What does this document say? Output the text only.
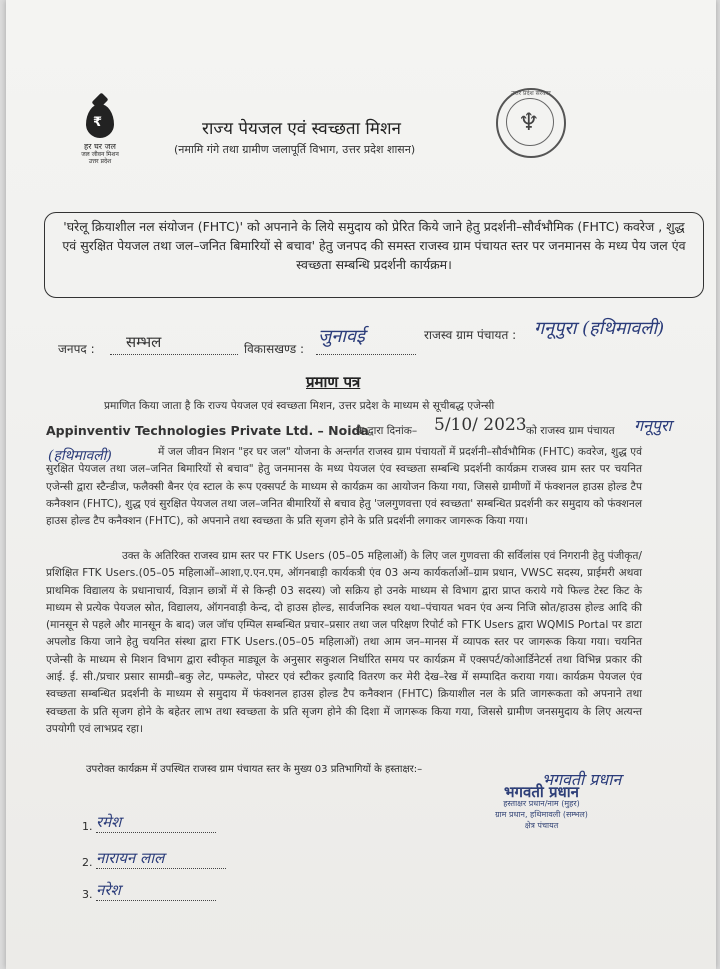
₹
हर घर जल
जल जीवन मिशन
उत्तर प्रदेश
राज्य पेयजल एवं स्वच्छता मिशन
(नमामि गंगे तथा ग्रामीण जलापूर्ति विभाग, उत्तर प्रदेश शासन)
उत्तर प्रदेश सरकार
♆
'घरेलू क्रियाशील नल संयोजन (FHTC)' को अपनाने के लिये समुदाय को प्रेरित किये जाने हेतु प्रदर्शनी–सौर्वभौमिक (FHTC) कवरेज , शुद्ध एवं सुरक्षित पेयजल तथा जल–जनित बिमारियों से बचाव' हेतु जनपद की समस्त राजस्व ग्राम पंचायत स्तर पर जनमानस के मध्य पेय जल एंव स्वच्छता सम्बन्धि प्रदर्शनी कार्यक्रम।
जनपद : सम्भल	विकासखण्ड :
जुनावई	राजस्व ग्राम पंचायत : गनूपुरा (हथिमावली)
प्रमाण पत्र
प्रमाणित किया जाता है कि राज्य पेयजल एवं स्वच्छता मिशन, उत्तर प्रदेश के माध्यम से सूचीबद्ध एजेन्सी
Appinventiv Technologies Private Ltd. – Noida
के द्वारा दिनांक– 5/10/ 2023 को राजस्व ग्राम पंचायत गनूपुरा
(हथिमावली)	में जल जीवन मिशन "हर घर जल" योजना के अन्तर्गत राजस्व ग्राम पंचायतों में प्रदर्शनी–सौर्वभौमिक (FHTC) कवरेज, शुद्ध एवं सुरक्षित पेयजल तथा जल–जनित बिमारियों से बचाव" हेतु जनमानस के मध्य पेयजल एंव स्वच्छता सम्बन्धि प्रदर्शनी कार्यक्रम राजस्व ग्राम स्तर पर चयनित एजेन्सी द्वारा स्टैन्डीज, फलैक्सी बैनर एंव स्टाल के रूप एक्सपर्ट के माध्यम से कार्यक्रम का आयोजन किया गया, जिससे ग्रामीणों में फंक्शनल हाउस होल्ड टैप कनैक्शन (FHTC), शुद्ध एवं सुरक्षित पेयजल तथा जल–जनित बीमारियों से बचाव हेतु 'जलगुणवत्ता एवं स्वच्छता' सम्बन्धित प्रदर्शनी कर समुदाय को फंक्शनल हाउस होल्ड टैप कनैक्शन (FHTC), को अपनाने तथा स्वच्छता के प्रति सृजग होने के प्रति प्रदर्शनी लगाकर जागरूक किया गया।
उक्त के अतिरिक्त राजस्व ग्राम स्तर पर FTK Users (05–05 महिलाओं) के लिए जल गुणवत्ता की सर्विलांस एवं निगरानी हेतु पंजीकृत/प्रशिक्षित FTK Users.(05–05 महिलाओं–आशा,ए.एन.एम, ऑगनबाड़ी कार्यकत्री एंव 03 अन्य कार्यकर्ताओं–ग्राम प्रधान, VWSC सदस्य, प्राईमरी अथवा प्राथमिक विद्यालय के प्रधानाचार्य, विज्ञान छात्रों में से किन्ही 03 सदस्य) जो सक्रिय हो उनके माध्यम से विभाग द्वारा प्राप्त कराये गये फिल्ड टेस्ट किट के माध्यम से प्रत्येक पेयजल स्रोत, विद्यालय, ऑगनवाड़ी केन्द, दो हाउस होल्ड, सार्वजनिक स्थल यथा–पंचायत भवन एंव अन्य निजि स्रोत/हाउस होल्ड आदि की (मानसून से पहले और मानसून के बाद) जल जॉच एम्पिल सम्बन्धित प्रचार–प्रसार तथा जल परिक्षण रिपोर्ट को FTK Users द्वारा WQMIS Portal पर डाटा अपलोड किया जाने हेतु चयनित संस्था द्वारा FTK Users.(05–05 महिलाओं) तथा आम जन–मानस में व्यापक स्तर पर जागरूक किया गया। चयनित एजेन्सी के माध्यम से मिशन विभाग द्वारा स्वीकृत माड्यूल के अनुसार सकुशल निर्धारित समय पर कार्यक्रम में एक्सपर्ट/कोआर्डिनेटर्स तथा विभिन्न प्रकार की आई. ई. सी./प्रचार प्रसार सामग्री–बकु लेट, पम्फलेट, पोस्टर एवं स्टीकर इत्यादि वितरण कर मेरी देख–रेख में सम्पादित कराया गया। कार्यक्रम पेयजल एंव स्वच्छता सम्बन्धित प्रदर्शनी के माध्यम से समुदाय में फंक्शनल हाउस होल्ड टैप कनैक्शन (FHTC) क्रियाशील नल के प्रति जागरूकता को अपनाने तथा स्वच्छता के प्रति सृजग होने के बहेतर लाभ तथा स्वच्छता के प्रति सृजग होने की दिशा में जागरूक किया गया, जिससे ग्रामीण जनसमुदाय के लिए अत्यन्त उपयोगी एवं लाभप्रद रहा।
उपरोक्त कार्यक्रम में उपस्थित राजस्व ग्राम पंचायत स्तर के मुख्य 03 प्रतिभागियों के हस्ताक्षर:–
1. रमेश
2. नारायन लाल
3. नरेश
भगवती प्रधान
भगवती प्रधान
हस्ताक्षर प्रधान/नाम (मुहर)
ग्राम प्रधान, हथिमावली (सम्भल)
क्षेत्र पंचायत
